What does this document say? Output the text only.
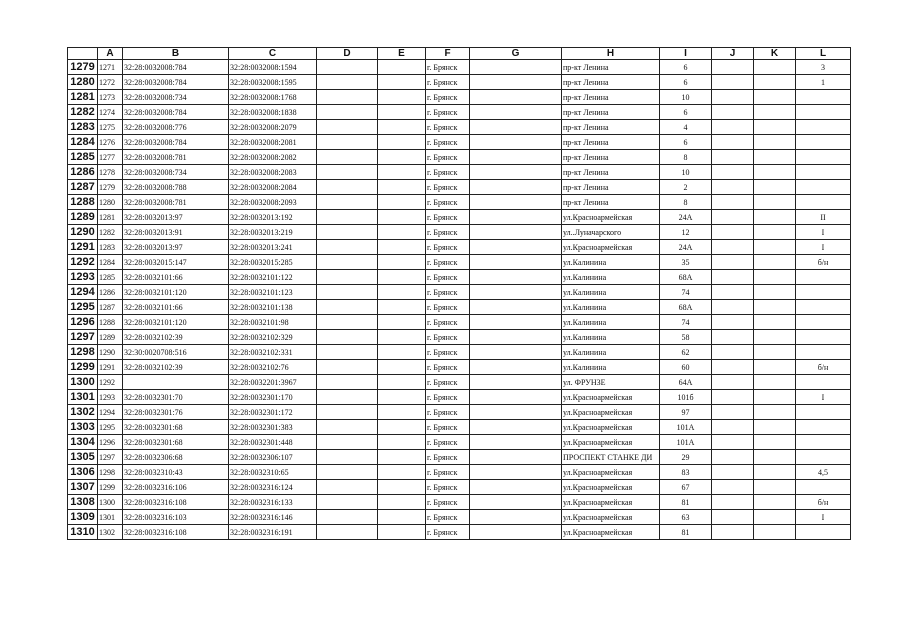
	A	B	C	D	E	F	G	H	I	J	K	L
1279	1271	32:28:0032008:784	32:28:0032008:1594			г. Брянск		пр-кт Ленина	6			3
1280	1272	32:28:0032008:784	32:28:0032008:1595			г. Брянск		пр-кт Ленина	6			1
1281	1273	32:28:0032008:734	32:28:0032008:1768			г. Брянск		пр-кт Ленина	10			
1282	1274	32:28:0032008:784	32:28:0032008:1838			г. Брянск		пр-кт Ленина	6			
1283	1275	32:28:0032008:776	32:28:0032008:2079			г. Брянск		пр-кт Ленина	4			
1284	1276	32:28:0032008:784	32:28:0032008:2081			г. Брянск		пр-кт Ленина	6			
1285	1277	32:28:0032008:781	32:28:0032008:2082			г. Брянск		пр-кт Ленина	8			
1286	1278	32:28:0032008:734	32:28:0032008:2083			г. Брянск		пр-кт Ленина	10			
1287	1279	32:28:0032008:788	32:28:0032008:2084			г. Брянск		пр-кт Ленина	2			
1288	1280	32:28:0032008:781	32:28:0032008:2093			г. Брянск		пр-кт Ленина	8			
1289	1281	32:28:0032013:97	32:28:0032013:192			г. Брянск		ул.Красноармейская	24А			II
1290	1282	32:28:0032013:91	32:28:0032013:219			г. Брянск		ул..Луначарского	12			I
1291	1283	32:28:0032013:97	32:28:0032013:241			г. Брянск		ул.Красноармейская	24А			I
1292	1284	32:28:0032015:147	32:28:0032015:285			г. Брянск		ул.Калинина	35			б/н
1293	1285	32:28:0032101:66	32:28:0032101:122			г. Брянск		ул.Калинина	68А			
1294	1286	32:28:0032101:120	32:28:0032101:123			г. Брянск		ул.Калинина	74			
1295	1287	32:28:0032101:66	32:28:0032101:138			г. Брянск		ул.Калинина	68А			
1296	1288	32:28:0032101:120	32:28:0032101:98			г. Брянск		ул.Калинина	74			
1297	1289	32:28:0032102:39	32:28:0032102:329			г. Брянск		ул.Калинина	58			
1298	1290	32:30:0020708:516	32:28:0032102:331			г. Брянск		ул.Калинина	62			
1299	1291	32:28:0032102:39	32:28:0032102:76			г. Брянск		ул.Калинина	60			б/н
1300	1292		32:28:0032201:3967			г. Брянск		ул. ФРУНЗЕ	64А			
1301	1293	32:28:0032301:70	32:28:0032301:170			г. Брянск		ул.Красноармейская	101б			I
1302	1294	32:28:0032301:76	32:28:0032301:172			г. Брянск		ул.Красноармейская	97			
1303	1295	32:28:0032301:68	32:28:0032301:383			г. Брянск		ул.Красноармейская	101А			
1304	1296	32:28:0032301:68	32:28:0032301:448			г. Брянск		ул.Красноармейская	101А			
1305	1297	32:28:0032306:68	32:28:0032306:107			г. Брянск		ПРОСПЕКТ СТАНКЕ ДИ	29			
1306	1298	32:28:0032310:43	32:28:0032310:65			г. Брянск		ул.Красноармейская	83			4,5
1307	1299	32:28:0032316:106	32:28:0032316:124			г. Брянск		ул.Красноармейская	67			
1308	1300	32:28:0032316:108	32:28:0032316:133			г. Брянск		ул.Красноармейская	81			б/н
1309	1301	32:28:0032316:103	32:28:0032316:146			г. Брянск		ул.Красноармейская	63			I
1310	1302	32:28:0032316:108	32:28:0032316:191			г. Брянск		ул.Красноармейская	81			
